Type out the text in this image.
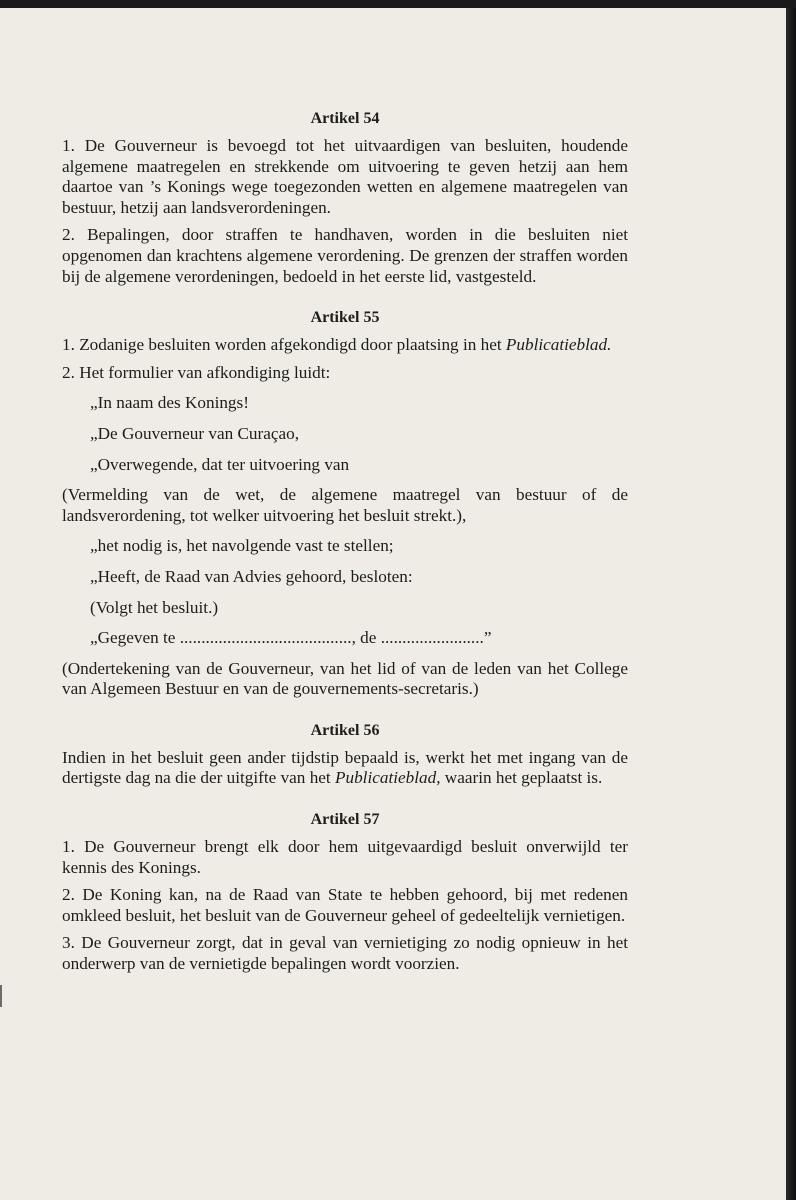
Artikel 54

1. De Gouverneur is bevoegd tot het uitvaardigen van besluiten, houdende algemene maatregelen en strekkende om uitvoering te geven hetzij aan hem daartoe van ’s Konings wege toegezonden wetten en algemene maatregelen van bestuur, hetzij aan landsverordeningen.

2. Bepalingen, door straffen te handhaven, worden in die besluiten niet opgenomen dan krachtens algemene verordening. De grenzen der straffen worden bij de algemene verordeningen, bedoeld in het eerste lid, vastgesteld.

Artikel 55

1. Zodanige besluiten worden afgekondigd door plaatsing in het Publicatieblad.

2. Het formulier van afkondiging luidt:

„In naam des Konings!

„De Gouverneur van Curaçao,

„Overwegende, dat ter uitvoering van

(Vermelding van de wet, de algemene maatregel van bestuur of de landsverordening, tot welker uitvoering het besluit strekt.),

„het nodig is, het navolgende vast te stellen;

„Heeft, de Raad van Advies gehoord, besloten:

(Volgt het besluit.)

„Gegeven te ........................................, de ........................”

(Ondertekening van de Gouverneur, van het lid of van de leden van het College van Algemeen Bestuur en van de gouvernements-secretaris.)

Artikel 56

Indien in het besluit geen ander tijdstip bepaald is, werkt het met ingang van de dertigste dag na die der uitgifte van het Publicatieblad, waarin het geplaatst is.

Artikel 57

1. De Gouverneur brengt elk door hem uitgevaardigd besluit onverwijld ter kennis des Konings.

2. De Koning kan, na de Raad van State te hebben gehoord, bij met redenen omkleed besluit, het besluit van de Gouverneur geheel of gedeeltelijk vernietigen.

3. De Gouverneur zorgt, dat in geval van vernietiging zo nodig opnieuw in het onderwerp van de vernietigde bepalingen wordt voorzien.
